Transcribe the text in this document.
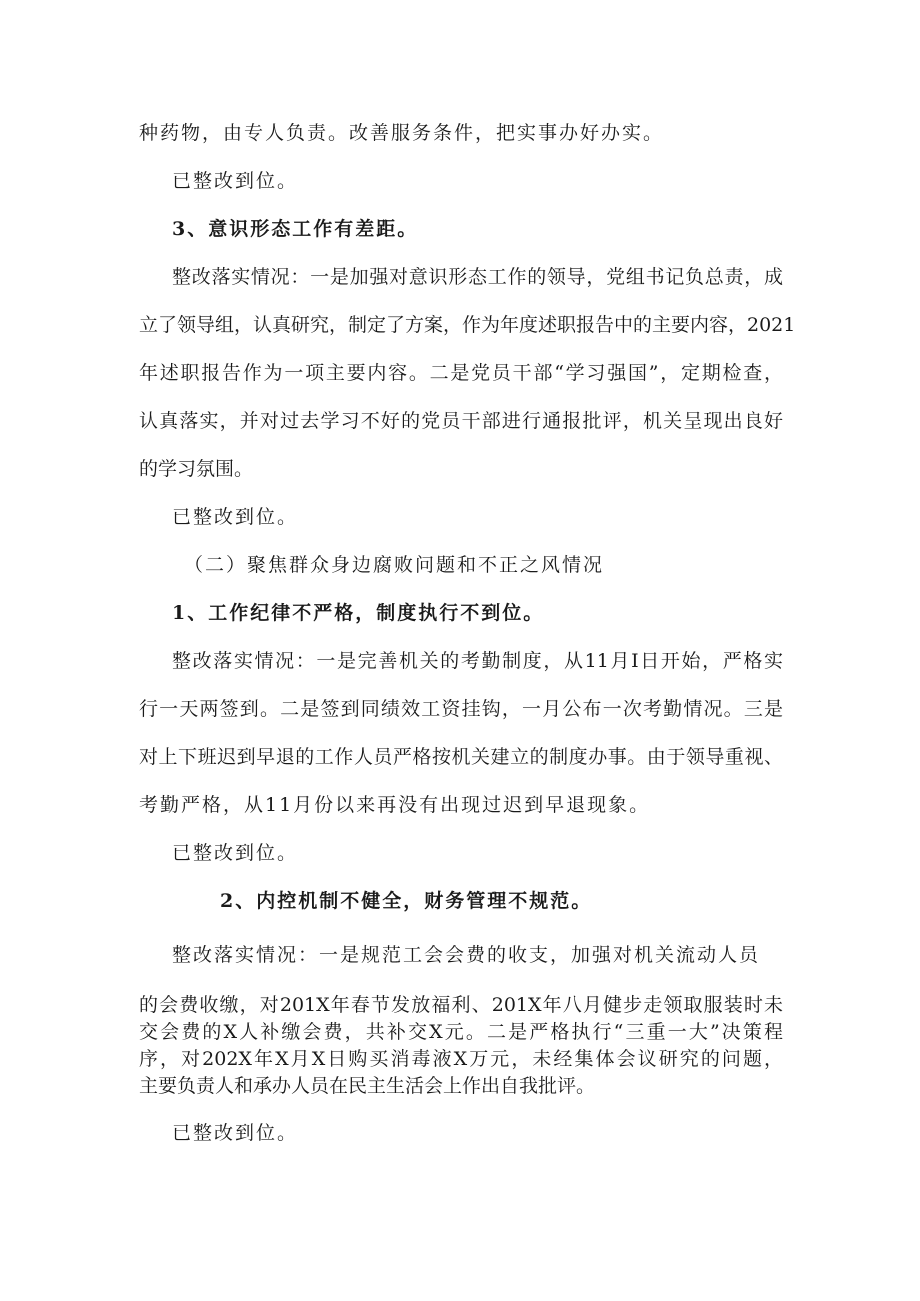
种药物，由专人负责。改善服务条件，把实事办好办实。
已整改到位。
3、意识形态工作有差距。
整改落实情况：一是加强对意识形态工作的领导，党组书记负总责，成
立了领导组，认真研究，制定了方案，作为年度述职报告中的主要内容，2021
年述职报告作为一项主要内容。二是党员干部“学习强国”，定期检查，
认真落实，并对过去学习不好的党员干部进行通报批评，机关呈现出良好
的学习氛围。
已整改到位。
（二）聚焦群众身边腐败问题和不正之风情况
1、工作纪律不严格，制度执行不到位。
整改落实情况：一是完善机关的考勤制度，从11月I日开始，严格实
行一天两签到。二是签到同绩效工资挂钩，一月公布一次考勤情况。三是
对上下班迟到早退的工作人员严格按机关建立的制度办事。由于领导重视、
考勤严格，从11月份以来再没有出现过迟到早退现象。
已整改到位。
2、内控机制不健全，财务管理不规范。
整改落实情况：一是规范工会会费的收支，加强对机关流动人员
的会费收缴，对201X年春节发放福利、201X年八月健步走领取服装时未
交会费的X人补缴会费，共补交X元。二是严格执行“三重一大”决策程
序，对202X年X月X日购买消毒液X万元，未经集体会议研究的问题，
主要负责人和承办人员在民主生活会上作出自我批评。
已整改到位。
